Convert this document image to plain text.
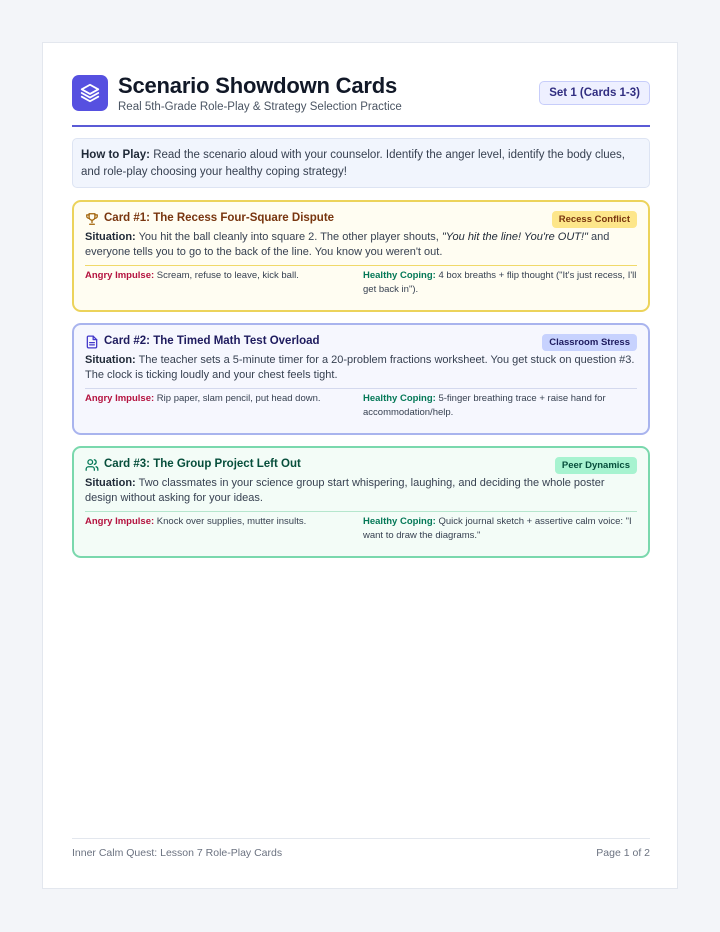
Scenario Showdown Cards
Real 5th-Grade Role-Play & Strategy Selection Practice
Set 1 (Cards 1-3)
How to Play: Read the scenario aloud with your counselor. Identify the anger level, identify the body clues, and role-play choosing your healthy coping strategy!
Card #1: The Recess Four-Square Dispute	Recess Conflict
Situation: You hit the ball cleanly into square 2. The other player shouts, "You hit the line! You're OUT!" and everyone tells you to go to the back of the line. You know you weren't out.
Angry Impulse: Scream, refuse to leave, kick ball.	Healthy Coping: 4 box breaths + flip thought ("It's just recess, I'll get back in").
Card #2: The Timed Math Test Overload	Classroom Stress
Situation: The teacher sets a 5-minute timer for a 20-problem fractions worksheet. You get stuck on question #3. The clock is ticking loudly and your chest feels tight.
Angry Impulse: Rip paper, slam pencil, put head down.	Healthy Coping: 5-finger breathing trace + raise hand for accommodation/help.
Card #3: The Group Project Left Out	Peer Dynamics
Situation: Two classmates in your science group start whispering, laughing, and deciding the whole poster design without asking for your ideas.
Angry Impulse: Knock over supplies, mutter insults.	Healthy Coping: Quick journal sketch + assertive calm voice: "I want to draw the diagrams."
Inner Calm Quest: Lesson 7 Role-Play Cards	Page 1 of 2
